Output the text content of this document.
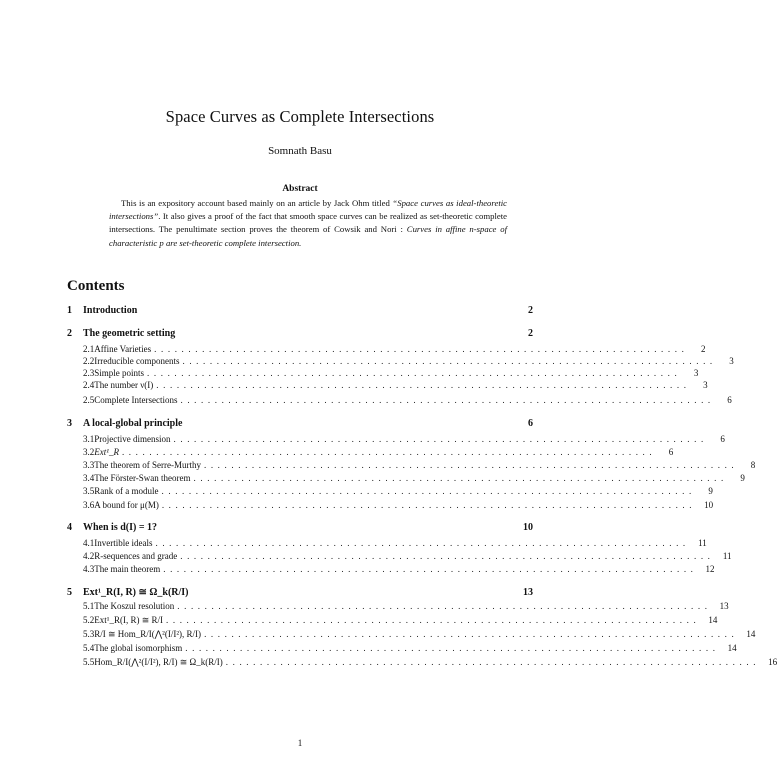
Space Curves as Complete Intersections
Somnath Basu
Abstract
This is an expository account based mainly on an article by Jack Ohm titled “Space curves as ideal-theoretic intersections”. It also gives a proof of the fact that smooth space curves can be realized as set-theoretic complete intersections. The penultimate section proves the theorem of Cowsik and Nori : Curves in affine n-space of characteristic p are set-theoretic complete intersection.
Contents
1	Introduction	2
2	The geometric setting	2
2.1 Affine Varieties ..............................................................................	2
2.2 Irreducible components ..............................................................................	3
2.3 Simple points ..............................................................................	3
2.4 The number ν(I) ..............................................................................	3
2.5 Complete Intersections ..............................................................................	6
3	A local-global principle	6
3.1 Projective dimension ..............................................................................	6
3.2 Ext¹_R ..............................................................................	6
3.3 The theorem of Serre-Murthy ..............................................................................	8
3.4 The Förster-Swan theorem ..............................................................................	9
3.5 Rank of a module ..............................................................................	9
3.6 A bound for μ(M) .............................................................................. 10
4	When is d(I) = 1?	10
4.1 Invertible ideals .............................................................................. 11
4.2 R-sequences and grade .............................................................................. 11
4.3 The main theorem .............................................................................. 12
5	Ext¹_R(I, R) ≅ Ω_k(R/I)	13
5.1 The Koszul resolution .............................................................................. 13
5.2 Ext¹_R(I, R) ≅ R/I .............................................................................. 14
5.3 R/I ≅ Hom_R/I(⋀²(I/I²), R/I) .............................................................................. 14
5.4 The global isomorphism .............................................................................. 14
5.5 Hom_R/I(⋀²(I/I²), R/I) ≅ Ω_k(R/I) .............................................................................. 16
1
